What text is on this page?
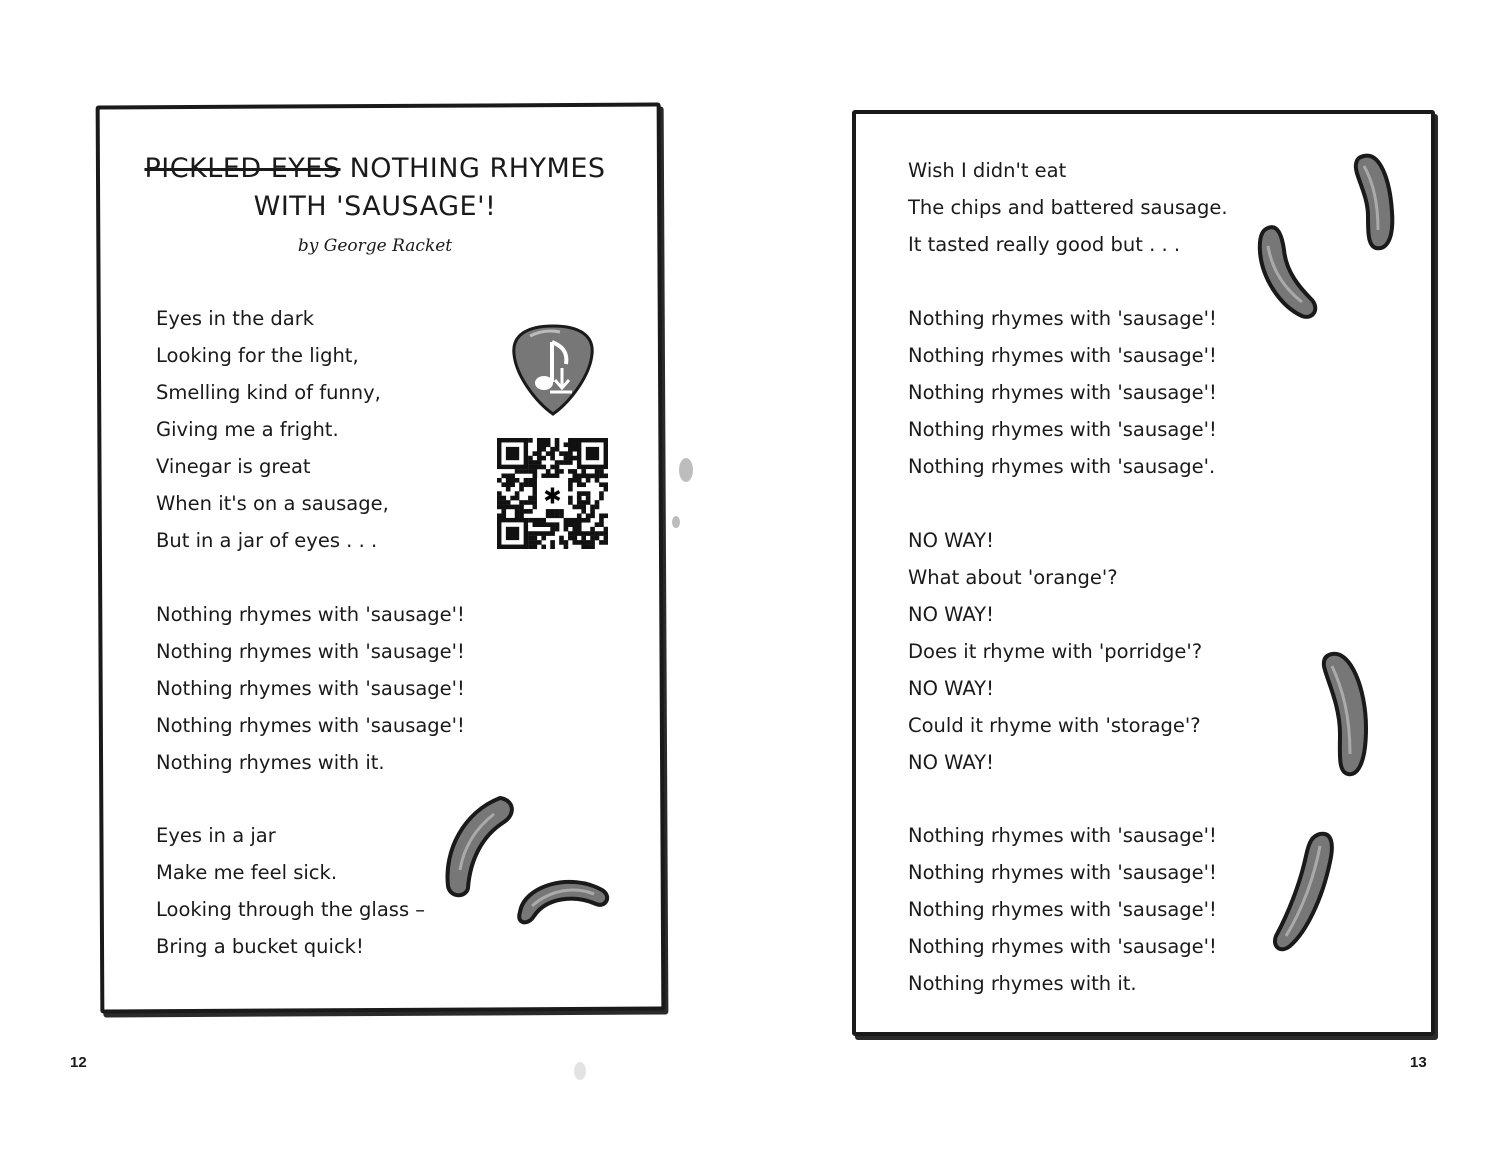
PICKLED EYES NOTHING RHYMES
WITH 'SAUSAGE'!
by George Racket
Eyes in the dark
Looking for the light,
Smelling kind of funny,
Giving me a fright.
Vinegar is great
When it's on a sausage,
But in a jar of eyes . . .
Nothing rhymes with 'sausage'!
Nothing rhymes with 'sausage'!
Nothing rhymes with 'sausage'!
Nothing rhymes with 'sausage'!
Nothing rhymes with it.
Eyes in a jar
Make me feel sick.
Looking through the glass –
Bring a bucket quick!
✱
Wish I didn't eat
The chips and battered sausage.
It tasted really good but . . .
Nothing rhymes with 'sausage'!
Nothing rhymes with 'sausage'!
Nothing rhymes with 'sausage'!
Nothing rhymes with 'sausage'!
Nothing rhymes with 'sausage'.
NO WAY!
What about 'orange'?
NO WAY!
Does it rhyme with 'porridge'?
NO WAY!
Could it rhyme with 'storage'?
NO WAY!
Nothing rhymes with 'sausage'!
Nothing rhymes with 'sausage'!
Nothing rhymes with 'sausage'!
Nothing rhymes with 'sausage'!
Nothing rhymes with it.
12	13
